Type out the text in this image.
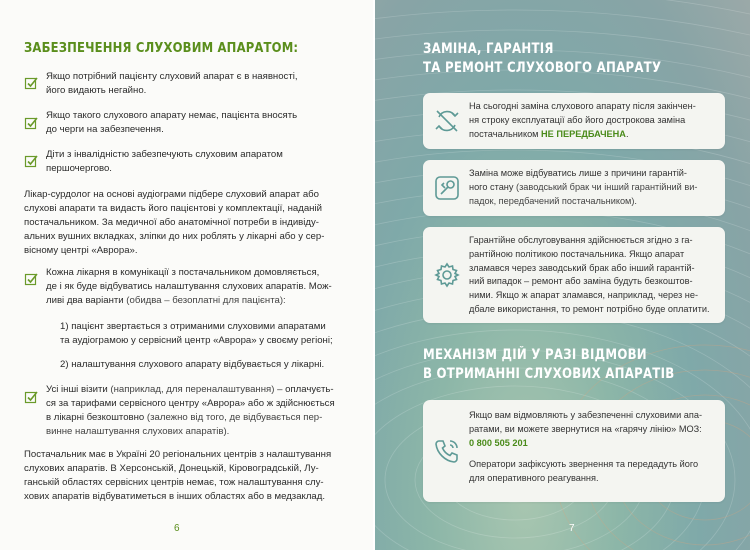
ЗАБЕЗПЕЧЕННЯ СЛУХОВИМ АПАРАТОМ:
Якщо потрібний пацієнту слуховий апарат є в наявності,
його видають негайно.
Якщо такого слухового апарату немає, пацієнта вносять
до черги на забезпечення.
Діти з інвалідністю забезпечують слуховим апаратом
першочергово.
Лікар-сурдолог на основі аудіограми підбере слуховий апарат або
слухові апарати та видасть його пацієнтові у комплектації, наданій
постачальником. За медичної або анатомічної потреби в індивіду-
альних вушних вкладках, зліпки до них роблять у лікарні або у сер-
вісному центрі «Аврора».
Кожна лікарня в комунікації з постачальником домовляється,
де і як буде відбуватись налаштування слухових апаратів. Мож-
ливі два варіанти (обидва – безоплатні для пацієнта):
1) пацієнт звертається з отриманими слуховими апаратами
та аудіограмою у сервісний центр «Аврора» у своєму регіоні;
2) налаштування слухового апарату відбувається у лікарні.
Усі інші візити (наприклад, для переналаштування) – оплачуєть-
ся за тарифами сервісного центру «Аврора» або ж здійснюється
в лікарні безкоштовно (залежно від того, де відбувається пер-
винне налаштування слухових апаратів).
Постачальник має в Україні 20 регіональних центрів з налаштування
слухових апаратів. В Херсонській, Донецькій, Кіровоградській, Лу-
ганській областях сервісних центрів немає, тож налаштування слу-
хових апаратів відбуватиметься в інших областях або в медзаклад.
6
ЗАМІНА, ГАРАНТІЯ
ТА РЕМОНТ СЛУХОВОГО АПАРАТУ
На сьогодні заміна слухового апарату після закінчен-
ня строку експлуатації або його дострокова заміна
постачальником НЕ ПЕРЕДБАЧЕНА.
Заміна може відбуватись лише з причини гарантій-
ного стану (заводський брак чи інший гарантійний ви-
падок, передбачений постачальником).
Гарантійне обслуговування здійснюється згідно з га-
рантійною політикою постачальника. Якщо апарат
зламався через заводський брак або інший гарантій-
ний випадок – ремонт або заміна будуть безкоштов-
ними. Якщо ж апарат зламався, наприклад, через не-
дбале використання, то ремонт потрібно буде оплатити.
МЕХАНІЗМ ДІЙ У РАЗІ ВІДМОВИ
В ОТРИМАННІ СЛУХОВИХ АПАРАТІВ
Якщо вам відмовляють у забезпеченні слуховими апа-
ратами, ви можете звернутися на «гарячу лінію» МОЗ:
0 800 505 201
Оператори зафіксують звернення та передадуть його
для оперативного реагування.
7
